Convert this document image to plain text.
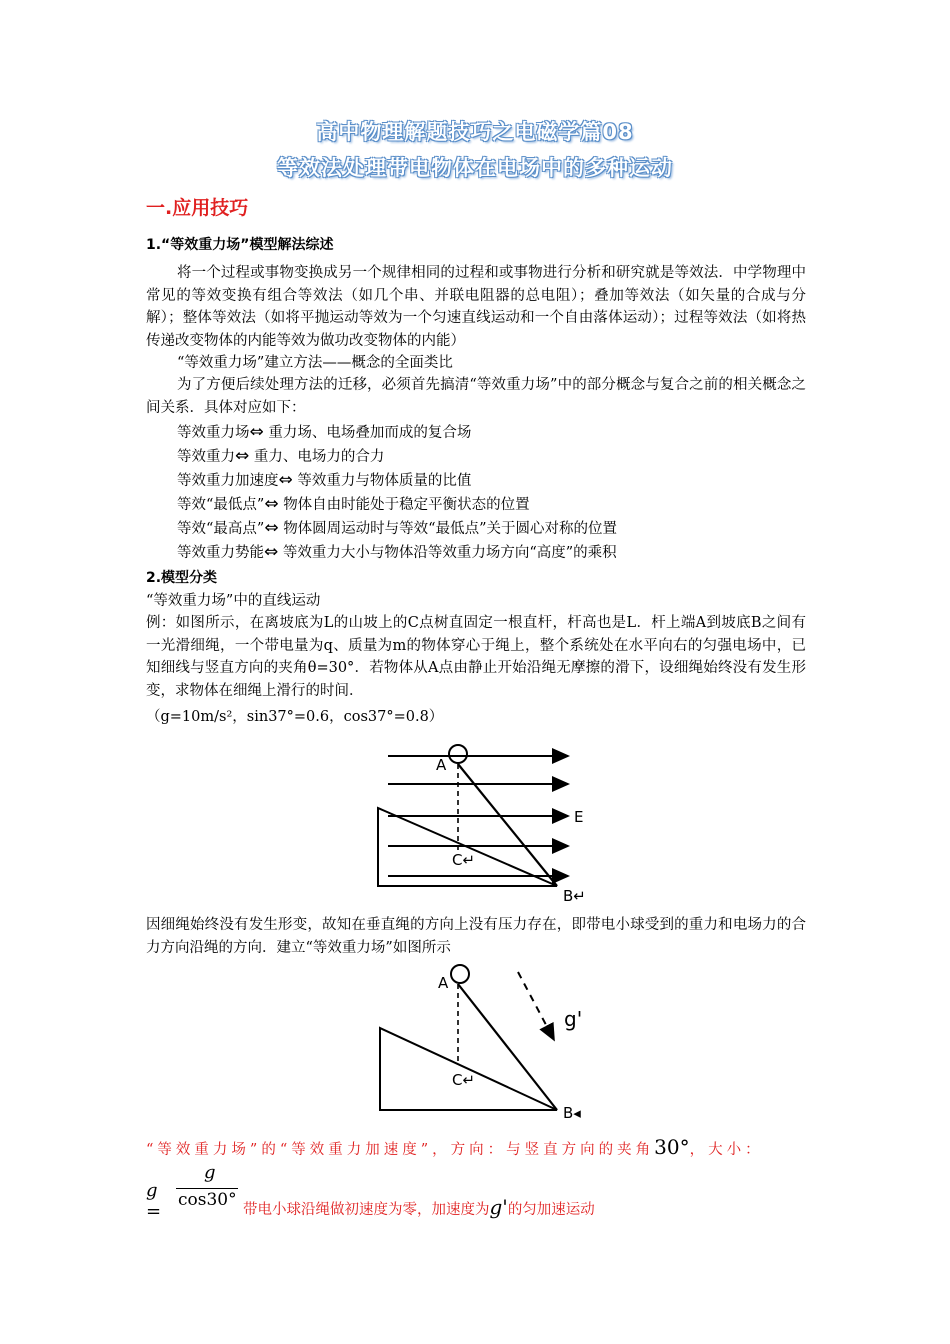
高中物理解题技巧之电磁学篇08
等效法处理带电物体在电场中的多种运动
一.应用技巧
1.“等效重力场”模型解法综述
将一个过程或事物变换成另一个规律相同的过程和或事物进行分析和研究就是等效法．中学物理中常见的等效变换有组合等效法（如几个串、并联电阻器的总电阻）；叠加等效法（如矢量的合成与分解）；整体等效法（如将平抛运动等效为一个匀速直线运动和一个自由落体运动）；过程等效法（如将热传递改变物体的内能等效为做功改变物体的内能）
“等效重力场”建立方法——概念的全面类比
为了方便后续处理方法的迁移，必须首先搞清“等效重力场”中的部分概念与复合之前的相关概念之间关系．具体对应如下：
等效重力场⇔ 重力场、电场叠加而成的复合场
等效重力⇔ 重力、电场力的合力
等效重力加速度⇔ 等效重力与物体质量的比值
等效“最低点”⇔ 物体自由时能处于稳定平衡状态的位置
等效“最高点”⇔ 物体圆周运动时与等效“最低点”关于圆心对称的位置
等效重力势能⇔ 等效重力大小与物体沿等效重力场方向“高度”的乘积
2.模型分类
“等效重力场”中的直线运动
例：如图所示，在离坡底为L的山坡上的C点树直固定一根直杆，杆高也是L．杆上端A到坡底B之间有一光滑细绳，一个带电量为q、质量为m的物体穿心于绳上，整个系统处在水平向右的匀强电场中，已知细线与竖直方向的夹角θ=30°．若物体从A点由静止开始沿绳无摩擦的滑下，设细绳始终没有发生形变，求物体在细绳上滑行的时间．
（g=10m/s²，sin37°=0.6，cos37°=0.8）
A
C↵
B↵
E
因细绳始终没有发生形变，故知在垂直绳的方向上没有压力存在，即带电小球受到的重力和电场力的合力方向沿绳的方向．建立“等效重力场”如图所示
A
C↵
B◂
g'
“等效重力场”的“等效重力加速度”，方向：与竖直方向的夹角30°，大小：
g =
g
cos30° 带电小球沿绳做初速度为零，加速度为g'的匀加速运动
